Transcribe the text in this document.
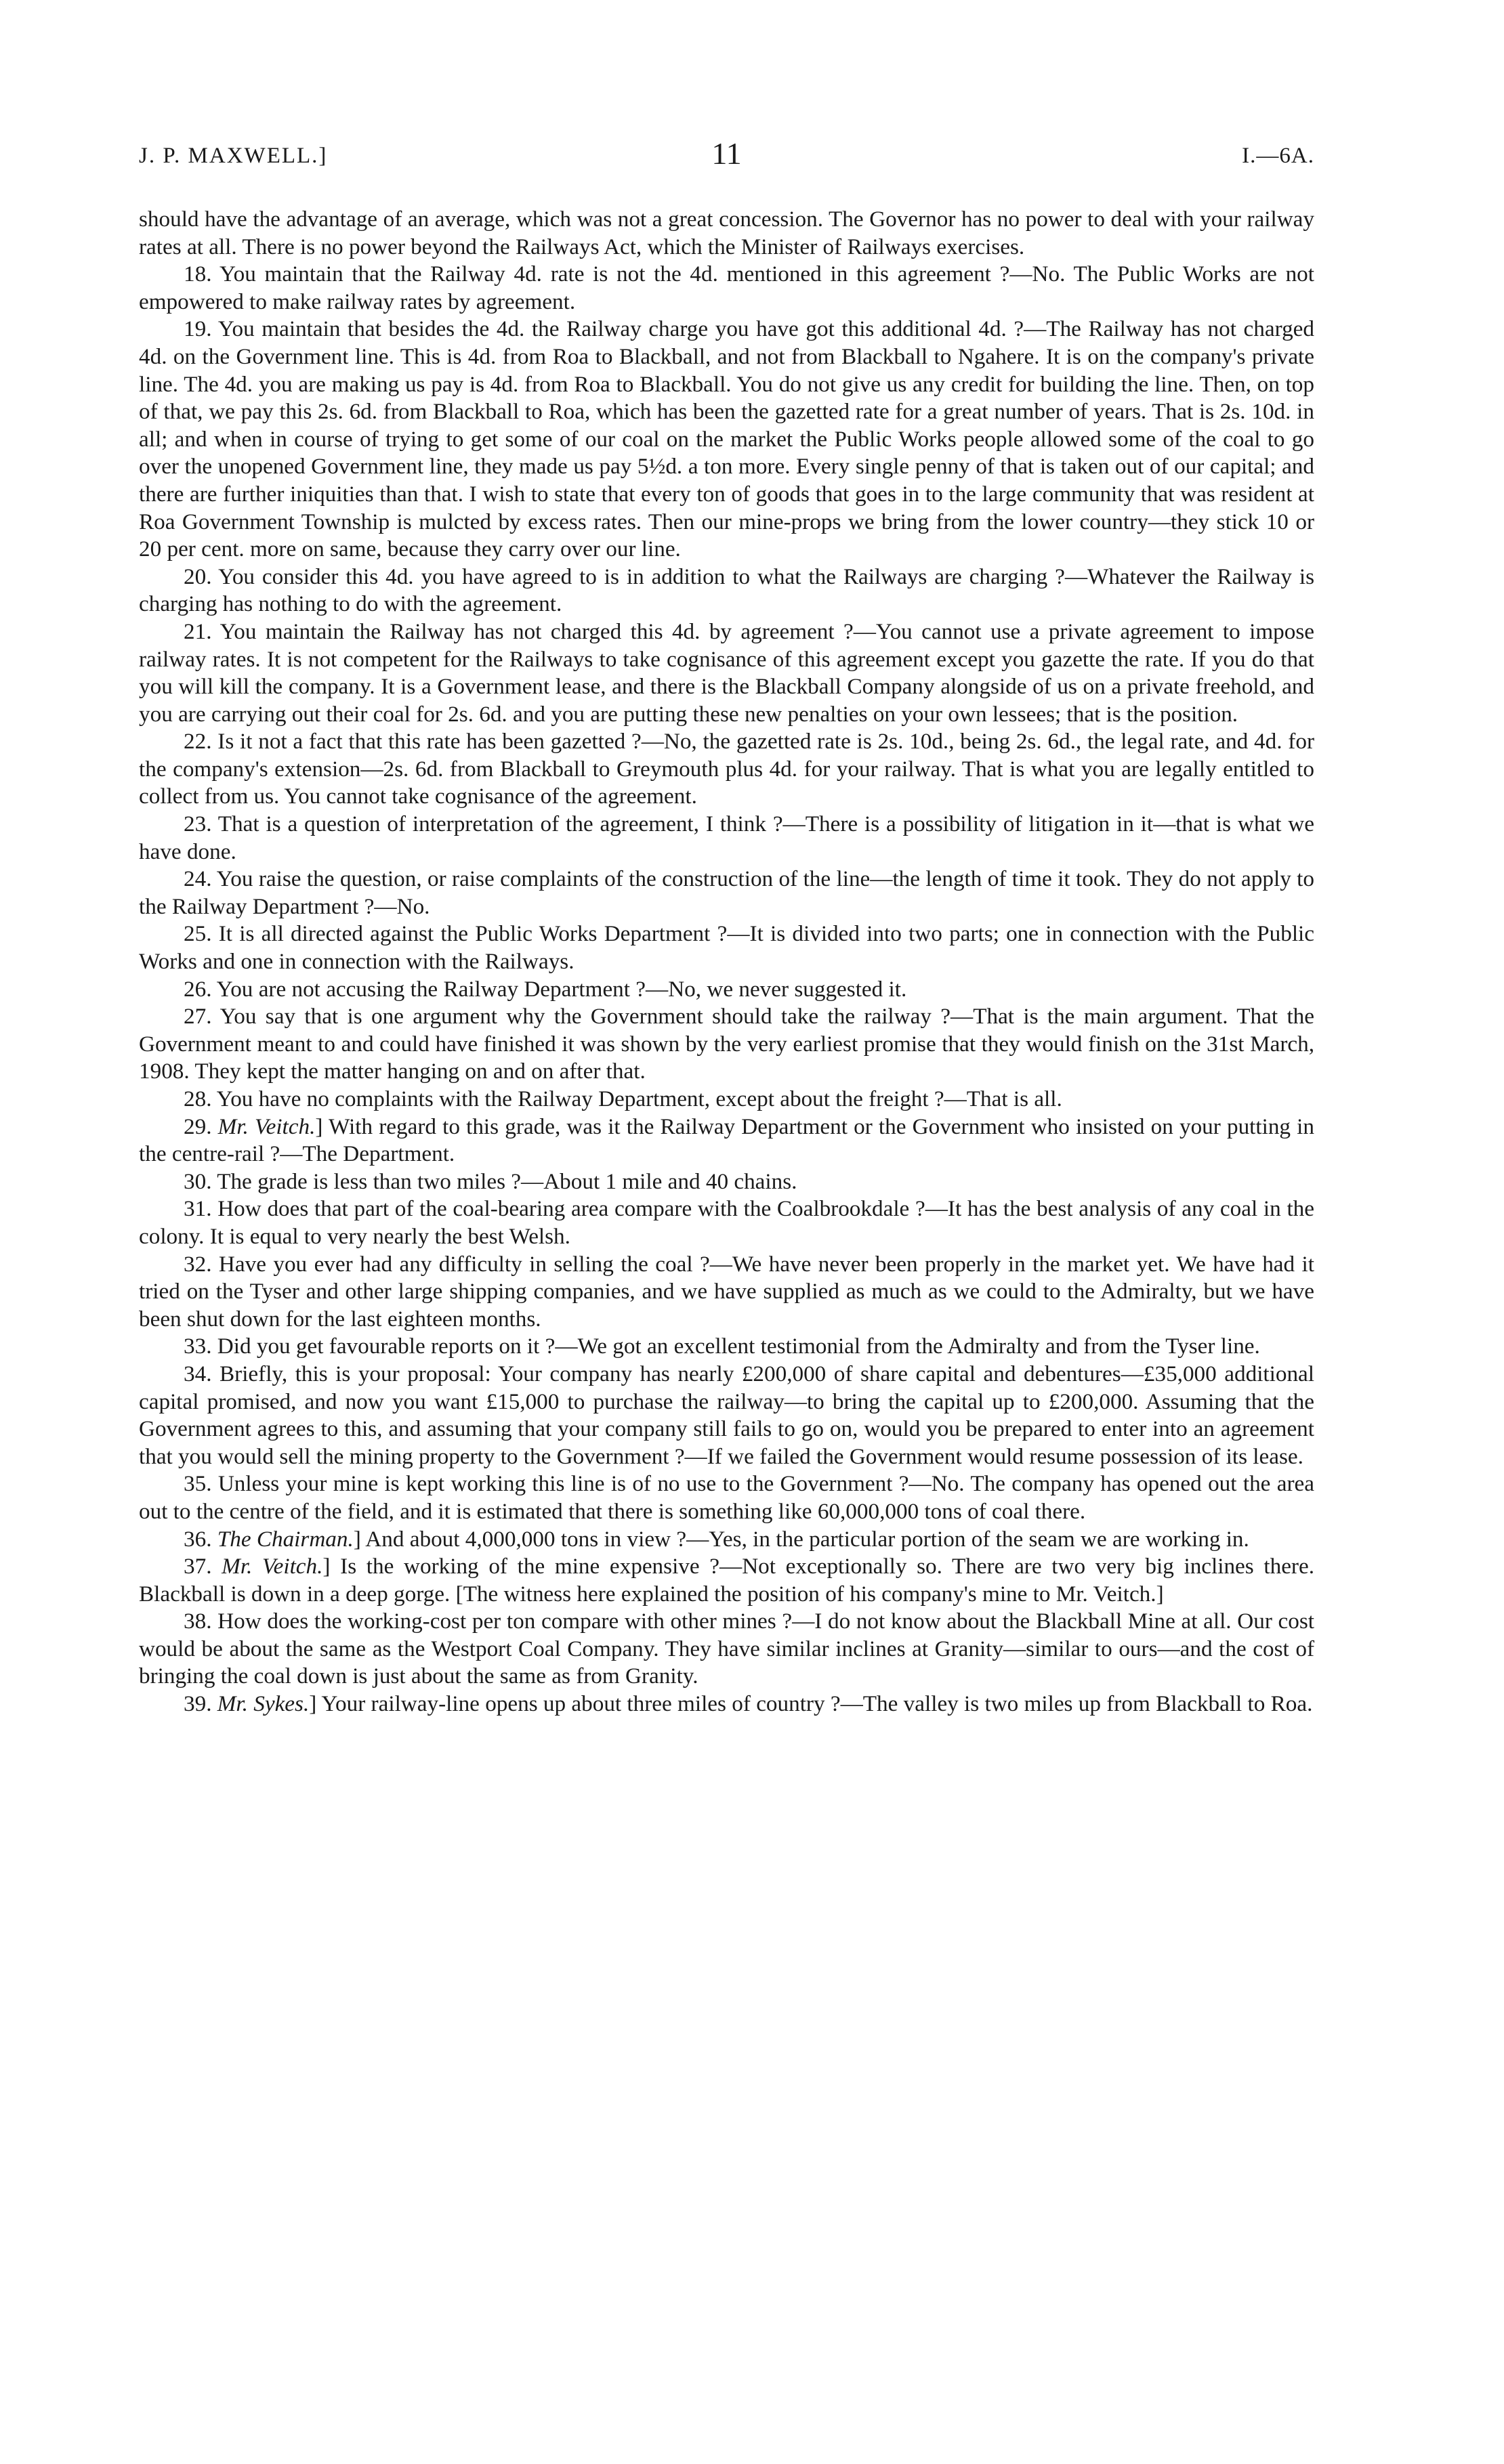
J. P. MAXWELL.]	11	I.—6A.

should have the advantage of an average, which was not a great concession. The Governor has no power to deal with your railway rates at all. There is no power beyond the Railways Act, which the Minister of Railways exercises.

18. You maintain that the Railway 4d. rate is not the 4d. mentioned in this agreement ?—No. The Public Works are not empowered to make railway rates by agreement.

19. You maintain that besides the 4d. the Railway charge you have got this additional 4d. ?—The Railway has not charged 4d. on the Government line. This is 4d. from Roa to Blackball, and not from Blackball to Ngahere. It is on the company's private line. The 4d. you are making us pay is 4d. from Roa to Blackball. You do not give us any credit for building the line. Then, on top of that, we pay this 2s. 6d. from Blackball to Roa, which has been the gazetted rate for a great number of years. That is 2s. 10d. in all; and when in course of trying to get some of our coal on the market the Public Works people allowed some of the coal to go over the unopened Government line, they made us pay 5½d. a ton more. Every single penny of that is taken out of our capital; and there are further iniquities than that. I wish to state that every ton of goods that goes in to the large community that was resident at Roa Government Township is mulcted by excess rates. Then our mine-props we bring from the lower country—they stick 10 or 20 per cent. more on same, because they carry over our line.

20. You consider this 4d. you have agreed to is in addition to what the Railways are charging ?—Whatever the Railway is charging has nothing to do with the agreement.

21. You maintain the Railway has not charged this 4d. by agreement ?—You cannot use a private agreement to impose railway rates. It is not competent for the Railways to take cognisance of this agreement except you gazette the rate. If you do that you will kill the company. It is a Government lease, and there is the Blackball Company alongside of us on a private freehold, and you are carrying out their coal for 2s. 6d. and you are putting these new penalties on your own lessees; that is the position.

22. Is it not a fact that this rate has been gazetted ?—No, the gazetted rate is 2s. 10d., being 2s. 6d., the legal rate, and 4d. for the company's extension—2s. 6d. from Blackball to Greymouth plus 4d. for your railway. That is what you are legally entitled to collect from us. You cannot take cognisance of the agreement.

23. That is a question of interpretation of the agreement, I think ?—There is a possibility of litigation in it—that is what we have done.

24. You raise the question, or raise complaints of the construction of the line—the length of time it took. They do not apply to the Railway Department ?—No.

25. It is all directed against the Public Works Department ?—It is divided into two parts; one in connection with the Public Works and one in connection with the Railways.

26. You are not accusing the Railway Department ?—No, we never suggested it.

27. You say that is one argument why the Government should take the railway ?—That is the main argument. That the Government meant to and could have finished it was shown by the very earliest promise that they would finish on the 31st March, 1908. They kept the matter hanging on and on after that.

28. You have no complaints with the Railway Department, except about the freight ?—That is all.

29. Mr. Veitch.] With regard to this grade, was it the Railway Department or the Government who insisted on your putting in the centre-rail ?—The Department.

30. The grade is less than two miles ?—About 1 mile and 40 chains.

31. How does that part of the coal-bearing area compare with the Coalbrookdale ?—It has the best analysis of any coal in the colony. It is equal to very nearly the best Welsh.

32. Have you ever had any difficulty in selling the coal ?—We have never been properly in the market yet. We have had it tried on the Tyser and other large shipping companies, and we have supplied as much as we could to the Admiralty, but we have been shut down for the last eighteen months.

33. Did you get favourable reports on it ?—We got an excellent testimonial from the Admiralty and from the Tyser line.

34. Briefly, this is your proposal: Your company has nearly £200,000 of share capital and debentures—£35,000 additional capital promised, and now you want £15,000 to purchase the railway—to bring the capital up to £200,000. Assuming that the Government agrees to this, and assuming that your company still fails to go on, would you be prepared to enter into an agreement that you would sell the mining property to the Government ?—If we failed the Government would resume possession of its lease.

35. Unless your mine is kept working this line is of no use to the Government ?—No. The company has opened out the area out to the centre of the field, and it is estimated that there is something like 60,000,000 tons of coal there.

36. The Chairman.] And about 4,000,000 tons in view ?—Yes, in the particular portion of the seam we are working in.

37. Mr. Veitch.] Is the working of the mine expensive ?—Not exceptionally so. There are two very big inclines there. Blackball is down in a deep gorge. [The witness here explained the position of his company's mine to Mr. Veitch.]

38. How does the working-cost per ton compare with other mines ?—I do not know about the Blackball Mine at all. Our cost would be about the same as the Westport Coal Company. They have similar inclines at Granity—similar to ours—and the cost of bringing the coal down is just about the same as from Granity.

39. Mr. Sykes.] Your railway-line opens up about three miles of country ?—The valley is two miles up from Blackball to Roa.
